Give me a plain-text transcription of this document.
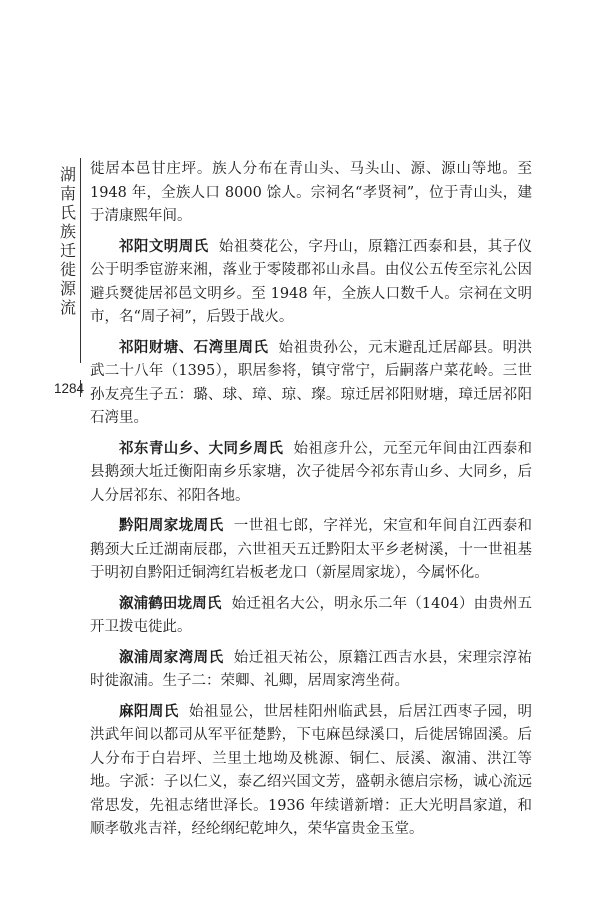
湖
南
氏
族
迁
徙
源
流
1284

徙居本邑甘庄坪。族人分布在青山头、马头山、源、源山等地。至 1948 年，全族人口 8000 馀人。宗祠名“孝贤祠”，位于青山头，建于清康熙年间。

祁阳文明周氏 始祖葵花公，字丹山，原籍江西泰和县，其子仪公于明季宦游来湘，落业于零陵郡祁山永昌。由仪公五传至宗礼公因避兵燹徙居祁邑文明乡。至 1948 年，全族人口数千人。宗祠在文明市，名“周子祠”，后毁于战火。

祁阳财塘、石湾里周氏 始祖贵孙公，元末避乱迁居鄗县。明洪武二十八年（1395），职居参将，镇守常宁，后嗣落户菜花岭。三世孙友亮生子五：璐、球、璋、琼、璨。琼迁居祁阳财塘，璋迁居祁阳石湾里。

祁东青山乡、大同乡周氏 始祖彦升公，元至元年间由江西泰和县鹅颈大坵迁衡阳南乡乐家塘，次子徙居今祁东青山乡、大同乡，后人分居祁东、祁阳各地。

黔阳周家垅周氏 一世祖七郎，字祥光，宋宣和年间自江西泰和鹅颈大丘迁湖南辰郡，六世祖天五迁黔阳太平乡老树溪，十一世祖基于明初自黔阳迁铜湾红岩板老龙口（新屋周家垅），今属怀化。

溆浦鹤田垅周氏 始迁祖名大公，明永乐二年（1404）由贵州五开卫拨屯徙此。

溆浦周家湾周氏 始迁祖天祐公，原籍江西吉水县，宋理宗淳祐时徙溆浦。生子二：荣卿、礼卿，居周家湾坐荷。

麻阳周氏 始祖显公，世居桂阳州临武县，后居江西枣子园，明洪武年间以都司从军平征楚黔，下屯麻邑绿溪口，后徙居锦固溪。后人分布于白岩坪、兰里土地坳及桃源、铜仁、辰溪、溆浦、洪江等地。字派：子以仁义，泰乙绍兴国文芳，盛朝永德启宗杨，诚心流远常思发，先祖志绪世泽长。1936 年续谱新增：正大光明昌家道，和顺孝敬兆吉祥，经纶纲纪乾坤久，荣华富贵金玉堂。
